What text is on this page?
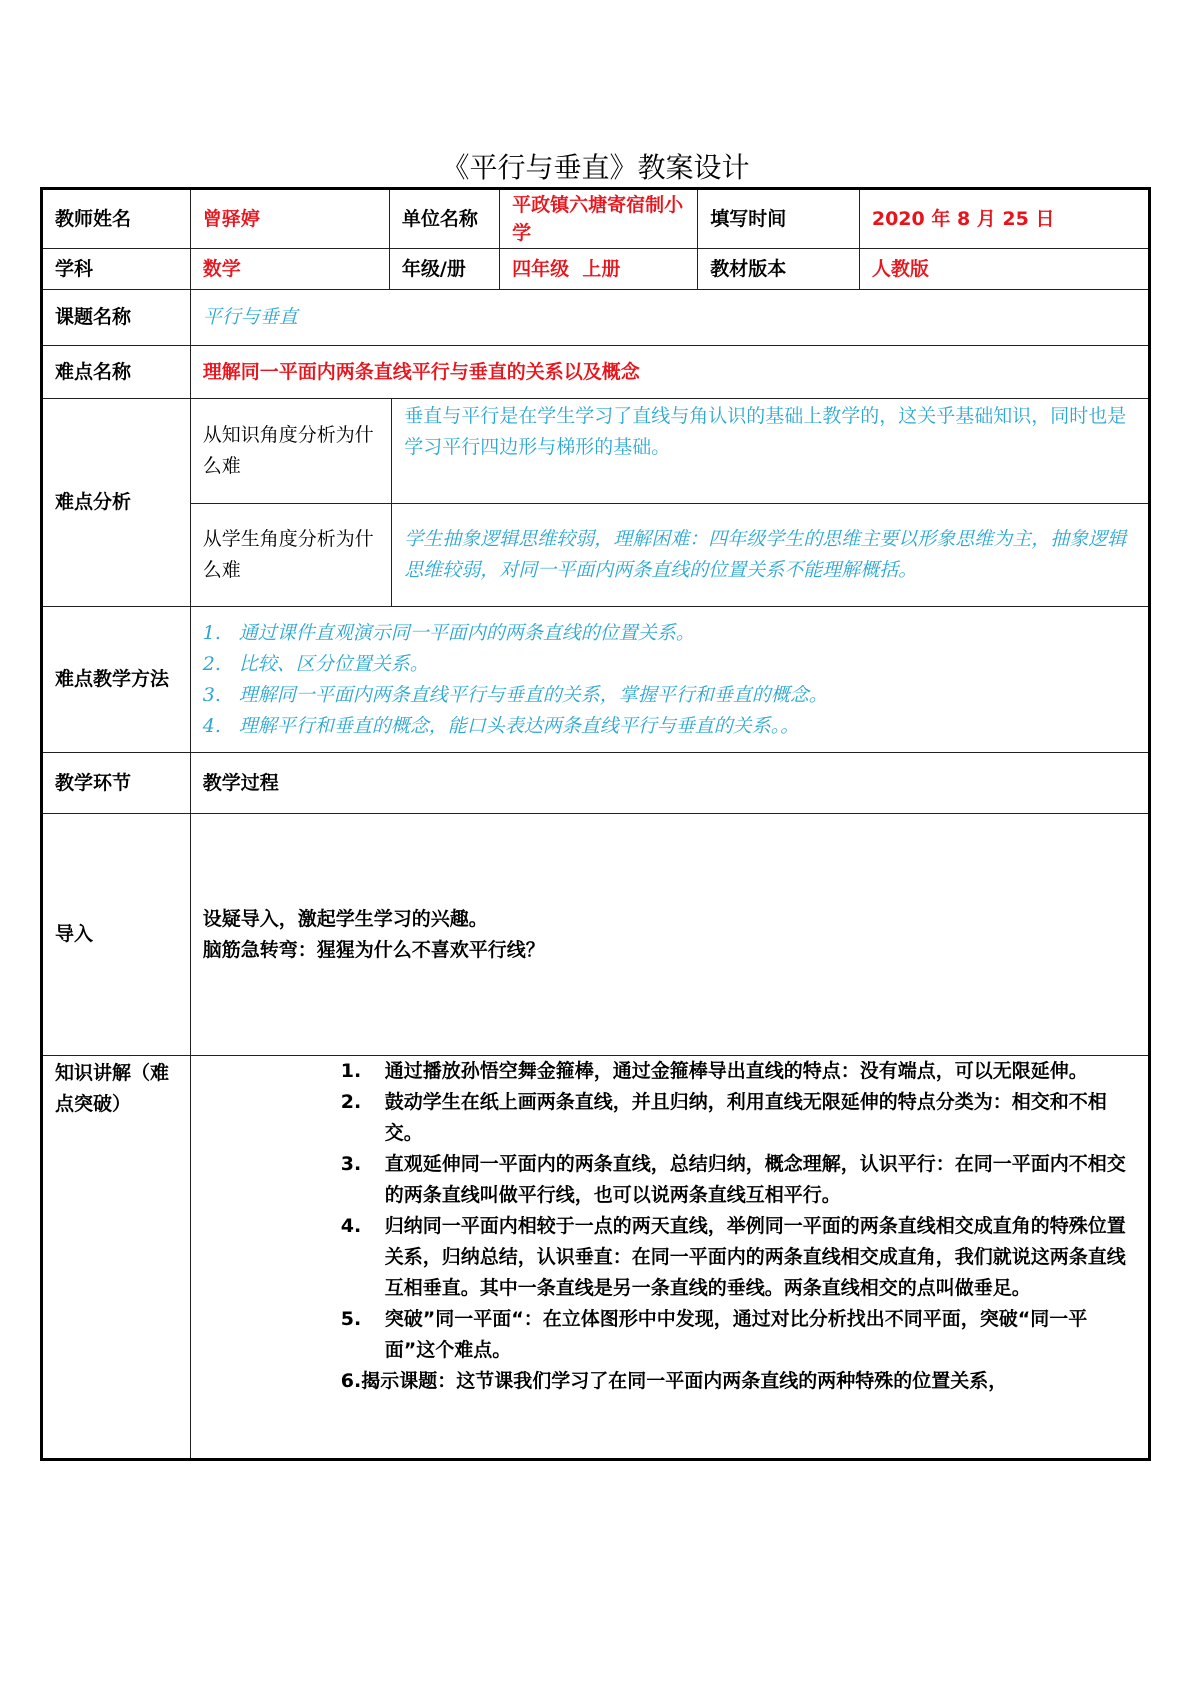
《平行与垂直》教案设计
教师姓名	曾驿婷	单位名称	平政镇六塘寄宿制小学	填写时间	2020 年 8 月 25 日
学科	数学	年级/册	四年级  上册	教材版本	人教版
课题名称	平行与垂直
难点名称	理解同一平面内两条直线平行与垂直的关系以及概念
难点分析	
从知识角度分析为什么难	垂直与平行是在学生学习了直线与角认识的基础上教学的，这关乎基础知识，同时也是学习平行四边形与梯形的基础。
从学生角度分析为什么难	学生抽象逻辑思维较弱，理解困难：四年级学生的思维主要以形象思维为主，抽象逻辑思维较弱，对同一平面内两条直线的位置关系不能理解概括。

难点教学方法	
1. 通过课件直观演示同一平面内的两条直线的位置关系。
2. 比较、区分位置关系。
3. 理解同一平面内两条直线平行与垂直的关系，掌握平行和垂直的概念。
4. 理解平行和垂直的概念，能口头表达两条直线平行与垂直的关系。。

教学环节	教学过程
导入	
设疑导入，激起学生学习的兴趣。
脑筋急转弯：猩猩为什么不喜欢平行线？

知识讲解（难点突破）	
1.	通过播放孙悟空舞金箍棒，通过金箍棒导出直线的特点：没有端点，可以无限延伸。
2.	鼓动学生在纸上画两条直线，并且归纳，利用直线无限延伸的特点分类为：相交和不相交。
3.	直观延伸同一平面内的两条直线，总结归纳，概念理解，认识平行：在同一平面内不相交的两条直线叫做平行线，也可以说两条直线互相平行。
4.	归纳同一平面内相较于一点的两天直线，举例同一平面的两条直线相交成直角的特殊位置关系，归纳总结，认识垂直：在同一平面内的两条直线相交成直角，我们就说这两条直线互相垂直。其中一条直线是另一条直线的垂线。两条直线相交的点叫做垂足。
5.	突破”同一平面“：在立体图形中中发现，通过对比分析找出不同平面，突破“同一平面”这个难点。
6.揭示课题：这节课我们学习了在同一平面内两条直线的两种特殊的位置关系，
